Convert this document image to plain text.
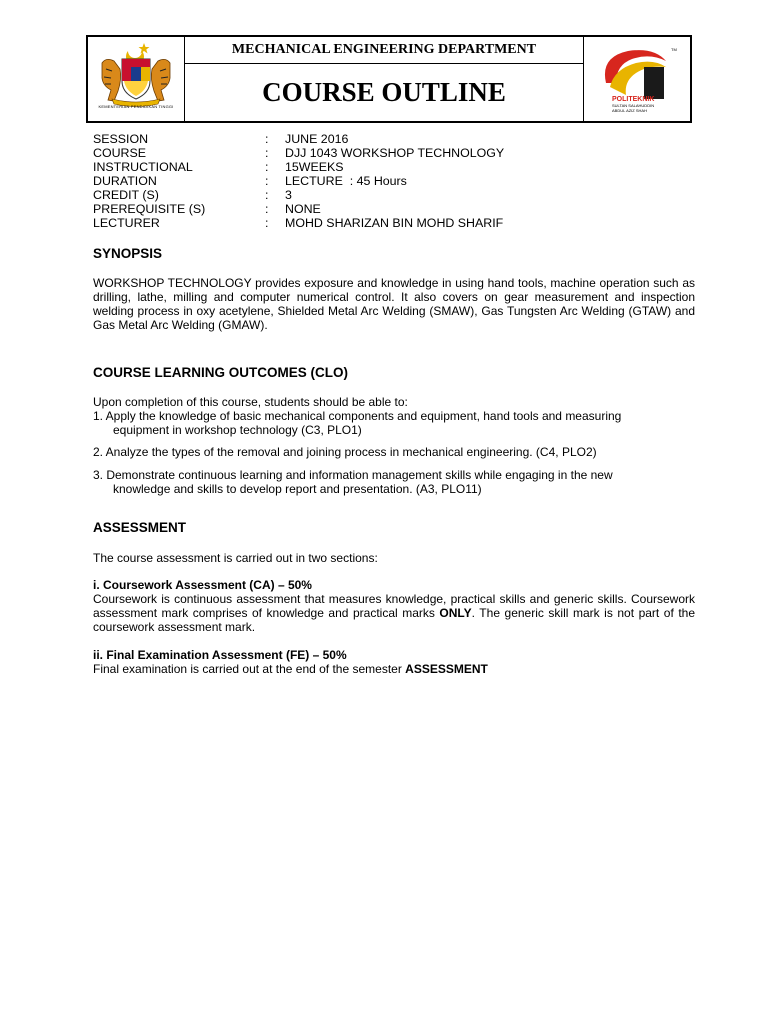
KEMENTERIAN PENDIDIKAN TINGGI
MECHANICAL ENGINEERING DEPARTMENT
COURSE OUTLINE
TM
POLITEKNIK
SULTAN SALAHUDDIN
ABDUL AZIZ SHAH
SESSION	:	JUNE 2016
COURSE	:	DJJ 1043 WORKSHOP TECHNOLOGY
INSTRUCTIONAL	:	15WEEKS
DURATION	:	LECTURE  : 45 Hours
CREDIT (S)	:	3
PREREQUISITE (S)	:	NONE
LECTURER	:	MOHD SHARIZAN BIN MOHD SHARIF
SYNOPSIS

WORKSHOP TECHNOLOGY provides exposure and knowledge in using hand tools, machine operation such as drilling, lathe, milling and computer numerical control. It also covers on gear measurement and inspection welding process in oxy acetylene, Shielded Metal Arc Welding (SMAW), Gas Tungsten Arc Welding (GTAW) and Gas Metal Arc Welding (GMAW).

COURSE LEARNING OUTCOMES (CLO)

Upon completion of this course, students should be able to:

1. Apply the knowledge of basic mechanical components and equipment, hand tools and measuring
equipment in workshop technology (C3, PLO1)
2. Analyze the types of the removal and joining process in mechanical engineering. (C4, PLO2)
3. Demonstrate continuous learning and information management skills while engaging in the new
knowledge and skills to develop report and presentation. (A3, PLO11)
ASSESSMENT

The course assessment is carried out in two sections:

i. Coursework Assessment (CA) – 50%

Coursework is continuous assessment that measures knowledge, practical skills and generic skills. Coursework assessment mark comprises of knowledge and practical marks ONLY. The generic skill mark is not part of the coursework assessment mark.

ii. Final Examination Assessment (FE) – 50%

Final examination is carried out at the end of the semester ASSESSMENT
